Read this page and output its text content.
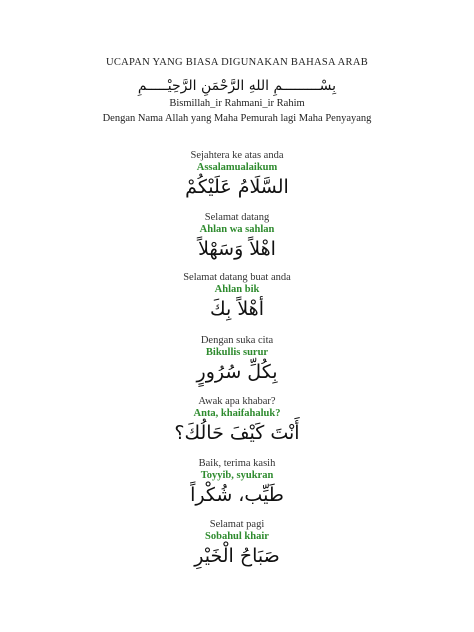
UCAPAN YANG BIASA DIGUNAKAN BAHASA ARAB
بِسْـــــــــمِ اللهِ الرَّحْمَنِ الرَّحِيْـــــمِ
Bismillah_ir Rahmani_ir Rahim
Dengan Nama Allah yang Maha Pemurah lagi Maha Penyayang
Sejahtera ke atas anda
Assalamualaikum
السَّلَامُ عَلَيْكُمْ
Selamat datang
Ahlan wa sahlan
اهْلاً وَسَهْلاً
Selamat datang buat anda
Ahlan bik
أهْلاً بِكَ
Dengan suka cita
Bikullis surur
بِكُلِّ سُرُورٍ
Awak apa khabar?
Anta, khaifahaluk?
أَنْتَ كَيْفَ حَالُكَ؟
Baik, terima kasih
Toyyib, syukran
طَيِّب، شُكْراً
Selamat pagi
Sobahul khair
صَبَاحُ الْخَيْرِ
